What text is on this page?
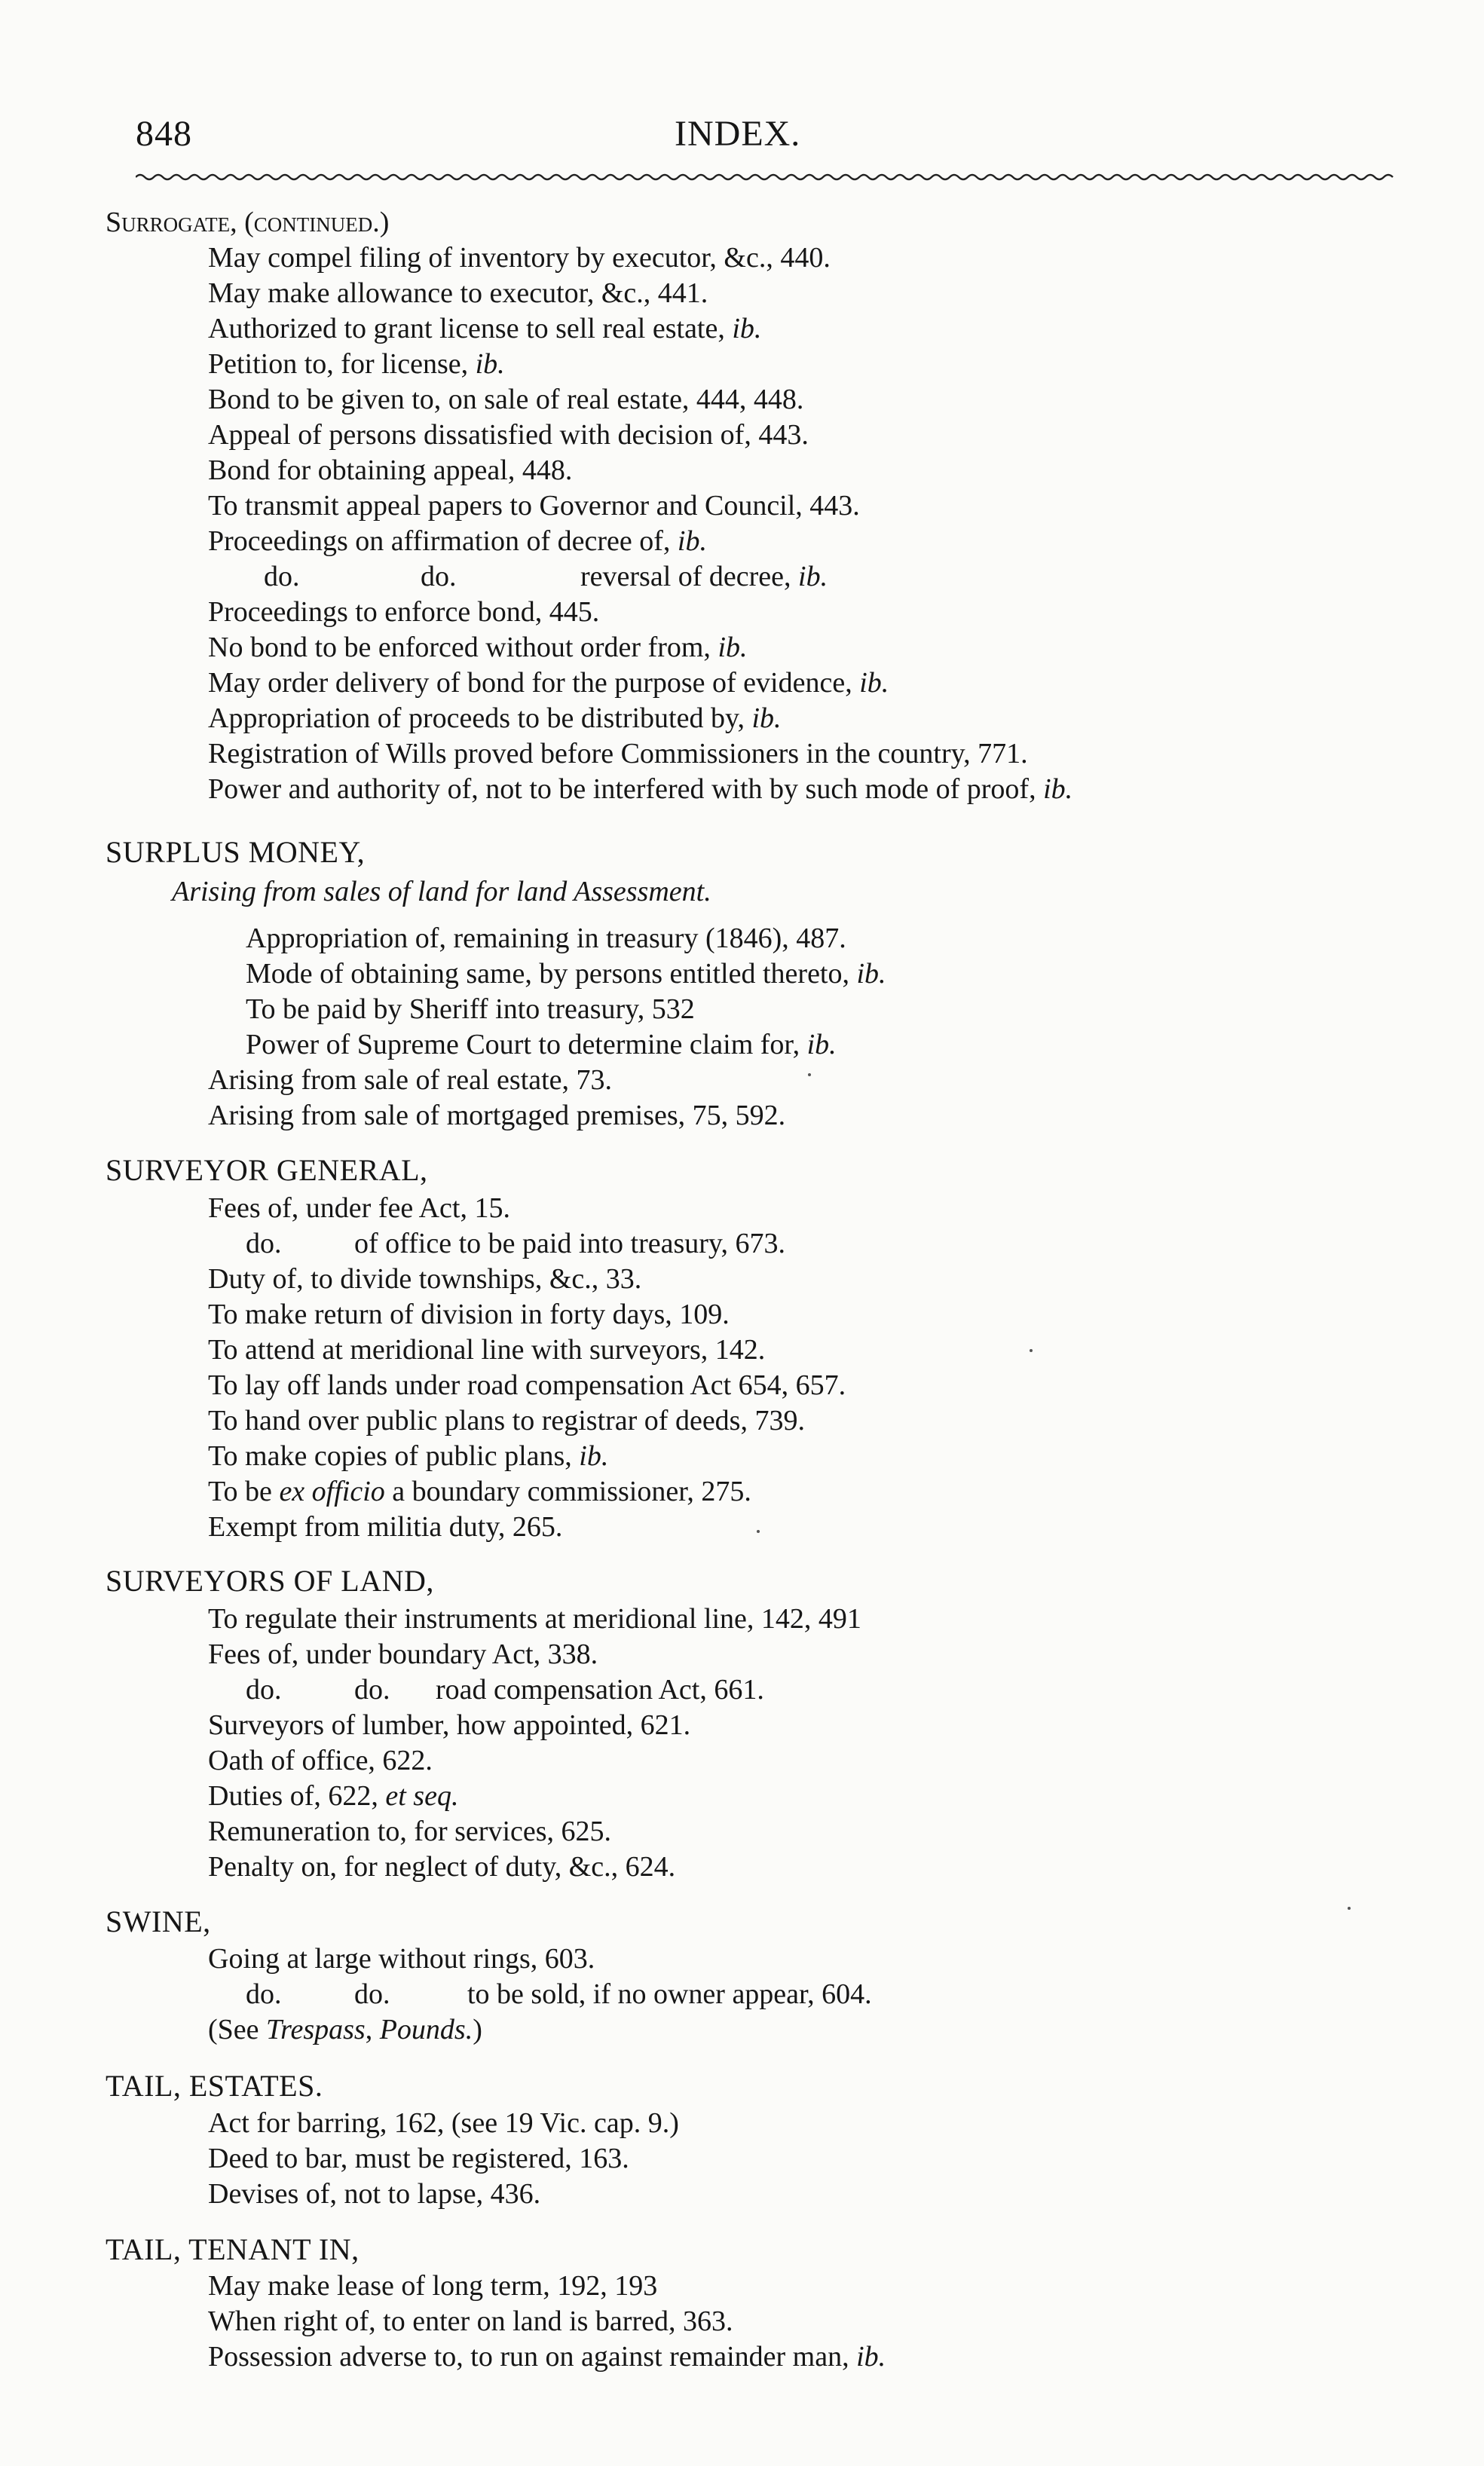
848	INDEX.
Surrogate, (continued.)
May compel filing of inventory by executor, &c., 440.
May make allowance to executor, &c., 441.
Authorized to grant license to sell real estate, ib.
Petition to, for license, ib.
Bond to be given to, on sale of real estate, 444, 448.
Appeal of persons dissatisfied with decision of, 443.
Bond for obtaining appeal, 448.
To transmit appeal papers to Governor and Council, 443.
Proceedings on affirmation of decree of, ib.
do.	do.	reversal of decree, ib.
Proceedings to enforce bond, 445.
No bond to be enforced without order from, ib.
May order delivery of bond for the purpose of evidence, ib.
Appropriation of proceeds to be distributed by, ib.
Registration of Wills proved before Commissioners in the country, 771.
Power and authority of, not to be interfered with by such mode of proof, ib.
SURPLUS MONEY,
Arising from sales of land for land Assessment.
Appropriation of, remaining in treasury (1846), 487.
Mode of obtaining same, by persons entitled thereto, ib.
To be paid by Sheriff into treasury, 532
Power of Supreme Court to determine claim for, ib.
Arising from sale of real estate, 73.
Arising from sale of mortgaged premises, 75, 592.
SURVEYOR GENERAL,
Fees of, under fee Act, 15.
do.	of office to be paid into treasury, 673.
Duty of, to divide townships, &c., 33.
To make return of division in forty days, 109.
To attend at meridional line with surveyors, 142.
To lay off lands under road compensation Act 654, 657.
To hand over public plans to registrar of deeds, 739.
To make copies of public plans, ib.
To be ex officio a boundary commissioner, 275.
Exempt from militia duty, 265.
SURVEYORS OF LAND,
To regulate their instruments at meridional line, 142, 491
Fees of, under boundary Act, 338.
do.	do. road compensation Act, 661.
Surveyors of lumber, how appointed, 621.
Oath of office, 622.
Duties of, 622, et seq.
Remuneration to, for services, 625.
Penalty on, for neglect of duty, &c., 624.
SWINE,
Going at large without rings, 603.
do.	do.	to be sold, if no owner appear, 604.
(See Trespass, Pounds.)
TAIL, ESTATES.
Act for barring, 162, (see 19 Vic. cap. 9.)
Deed to bar, must be registered, 163.
Devises of, not to lapse, 436.
TAIL, TENANT IN,
May make lease of long term, 192, 193
When right of, to enter on land is barred, 363.
Possession adverse to, to run on against remainder man, ib.
